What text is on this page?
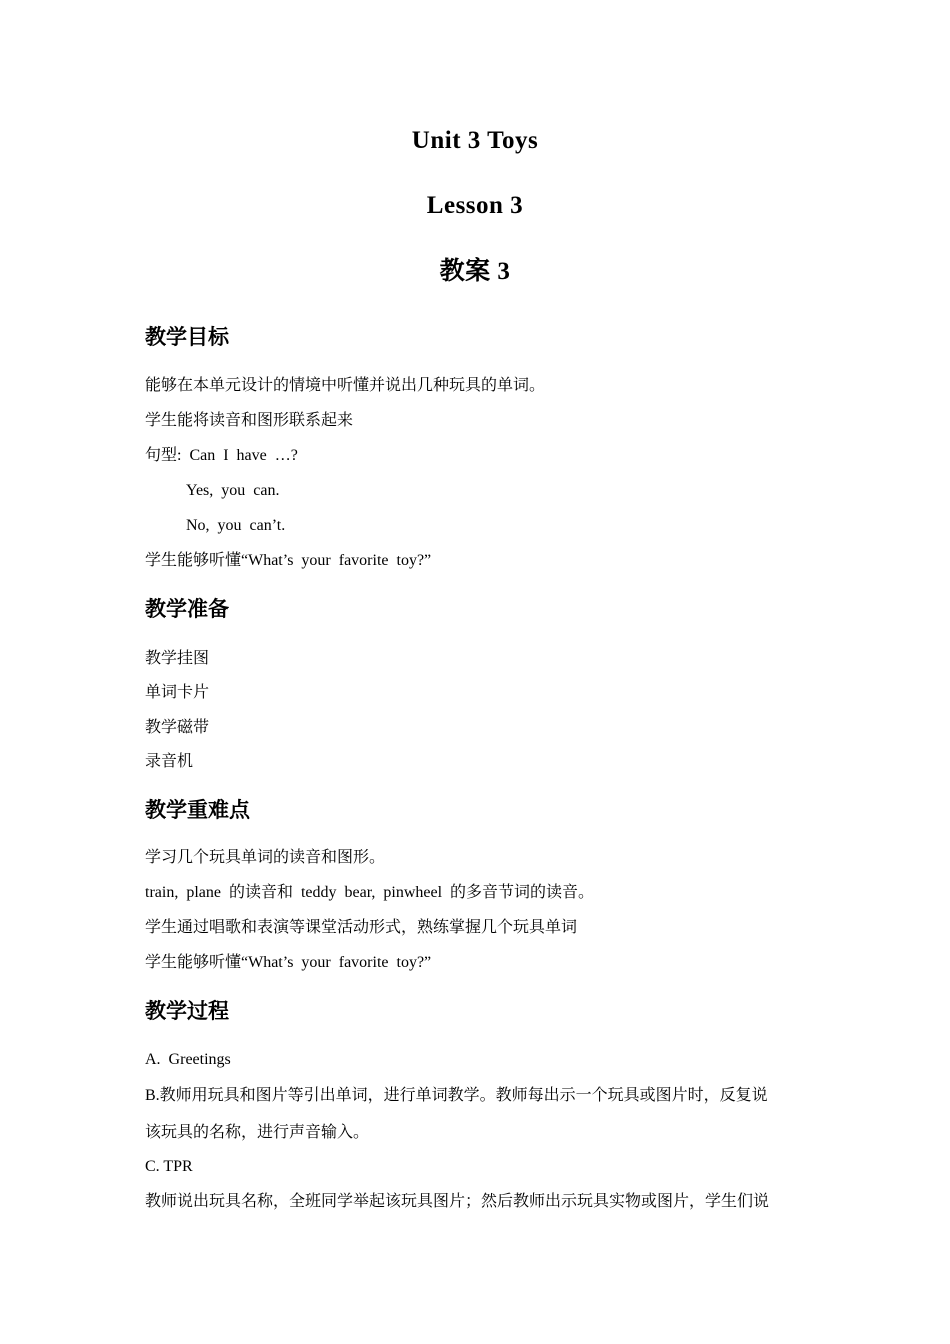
Unit 3 Toys
Lesson 3
教案 3
教学目标
能够在本单元设计的情境中听懂并说出几种玩具的单词。
学生能将读音和图形联系起来
句型: Can I have …?
Yes, you can.
No, you can’t.
学生能够听懂“What’s your favorite toy?”
教学准备
教学挂图
单词卡片
教学磁带
录音机
教学重难点
学习几个玩具单词的读音和图形。
train, plane 的读音和 teddy bear, pinwheel 的多音节词的读音。
学生通过唱歌和表演等课堂活动形式，熟练掌握几个玩具单词
学生能够听懂“What’s your favorite toy?”
教学过程
A. Greetings
B.教师用玩具和图片等引出单词，进行单词教学。教师每出示一个玩具或图片时，反复说
该玩具的名称，进行声音输入。
C. TPR
教师说出玩具名称，全班同学举起该玩具图片；然后教师出示玩具实物或图片，学生们说
